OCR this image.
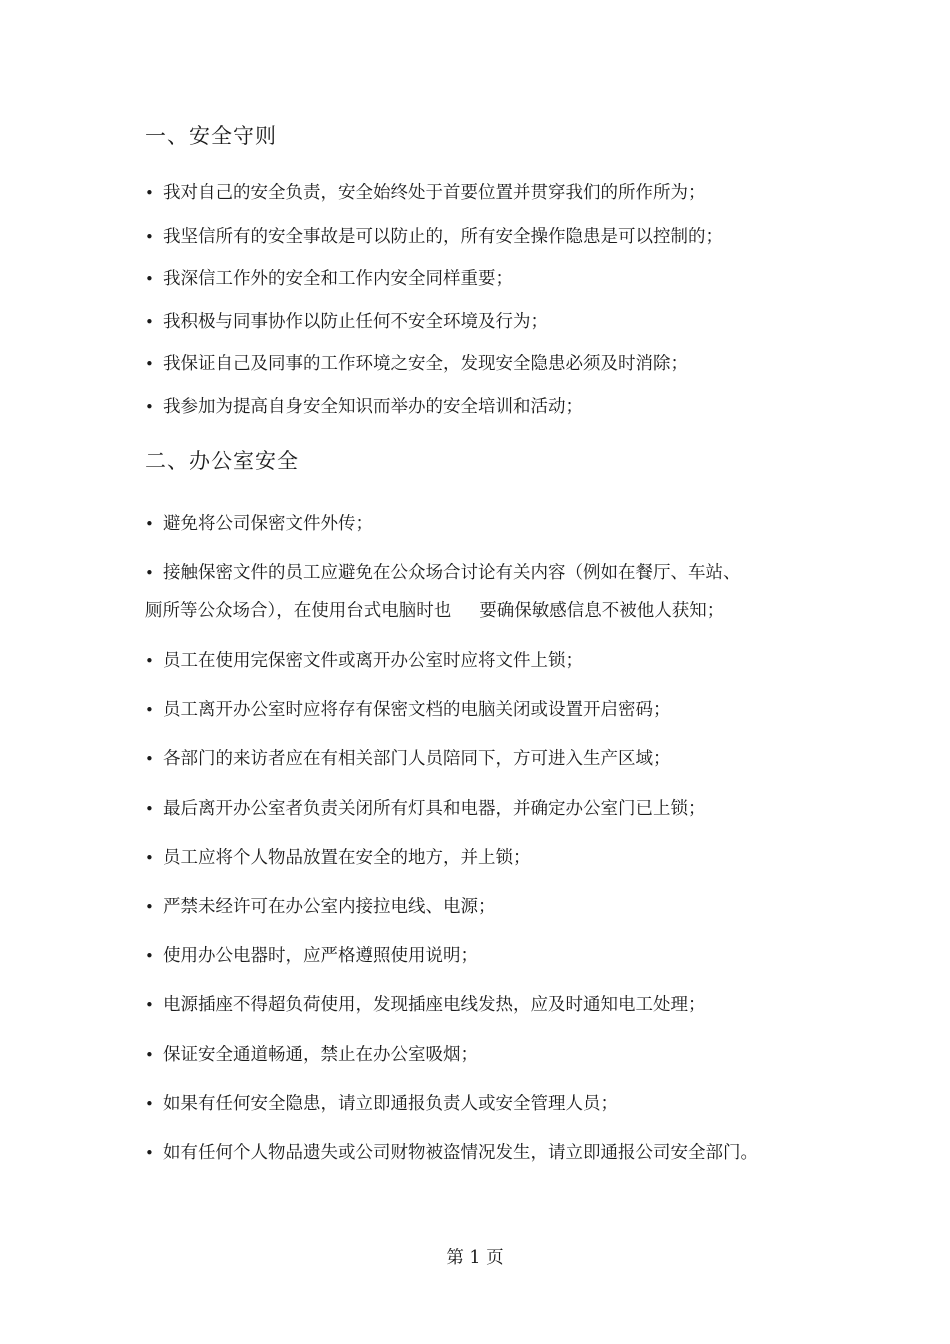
一、安全守则
• 我对自己的安全负责，安全始终处于首要位置并贯穿我们的所作所为；
• 我坚信所有的安全事故是可以防止的，所有安全操作隐患是可以控制的；
• 我深信工作外的安全和工作内安全同样重要；
• 我积极与同事协作以防止任何不安全环境及行为；
• 我保证自己及同事的工作环境之安全，发现安全隐患必须及时消除；
• 我参加为提高自身安全知识而举办的安全培训和活动；
二、办公室安全
• 避免将公司保密文件外传；
• 接触保密文件的员工应避免在公众场合讨论有关内容（例如在餐厅、车站、
厕所等公众场合），在使用台式电脑时也 要确保敏感信息不被他人获知；
• 员工在使用完保密文件或离开办公室时应将文件上锁；
• 员工离开办公室时应将存有保密文档的电脑关闭或设置开启密码；
• 各部门的来访者应在有相关部门人员陪同下，方可进入生产区域；
• 最后离开办公室者负责关闭所有灯具和电器，并确定办公室门已上锁；
• 员工应将个人物品放置在安全的地方，并上锁；
• 严禁未经许可在办公室内接拉电线、电源；
• 使用办公电器时，应严格遵照使用说明；
• 电源插座不得超负荷使用，发现插座电线发热，应及时通知电工处理；
• 保证安全通道畅通，禁止在办公室吸烟；
• 如果有任何安全隐患，请立即通报负责人或安全管理人员；
• 如有任何个人物品遗失或公司财物被盗情况发生，请立即通报公司安全部门。
第 1 页
